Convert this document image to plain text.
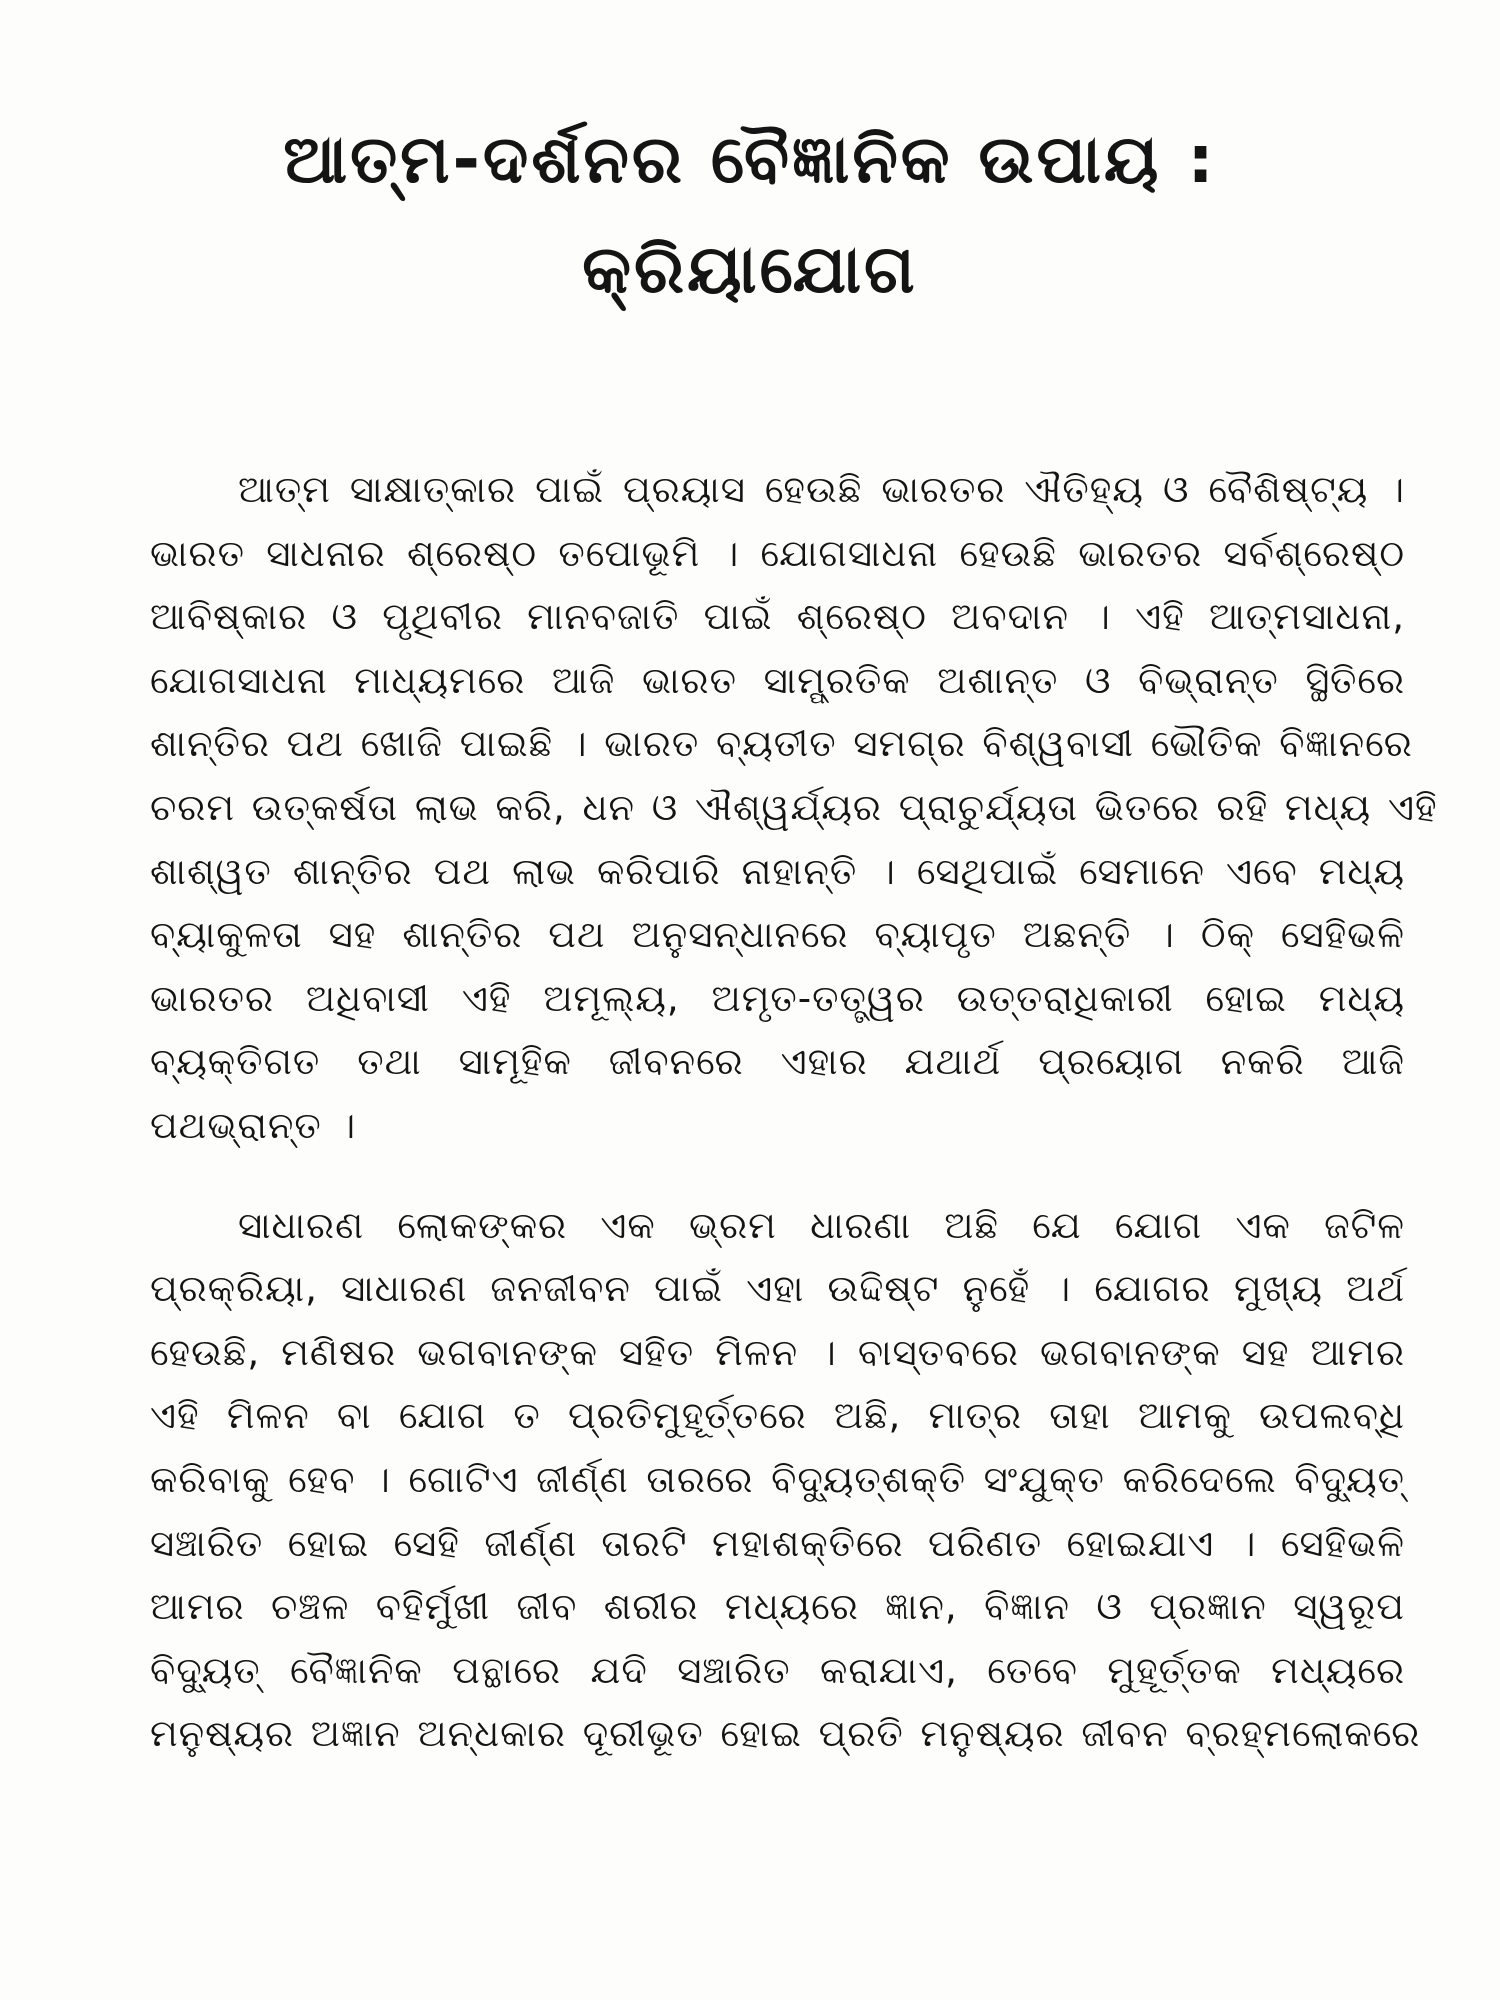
ଆତ୍ମ-ଦର୍ଶନର ବୈଜ୍ଞାନିକ ଉପାୟ :
କ୍ରିୟାଯୋଗ
ଆତ୍ମ ସାକ୍ଷାତ୍‌କାର ପାଇଁ ପ୍ରୟାସ ହେଉଛି ଭାରତର ଐତିହ୍ୟ ଓ ବୈଶିଷ୍ଟ୍ୟ ।
ଭାରତ ସାଧନାର ଶ୍ରେଷ୍ଠ ତପୋଭୂମି । ଯୋଗସାଧନା ହେଉଛି ଭାରତର ସର୍ବଶ୍ରେଷ୍ଠ
ଆବିଷ୍କାର ଓ ପୃଥିବୀର ମାନବଜାତି ପାଇଁ ଶ୍ରେଷ୍ଠ ଅବଦାନ । ଏହି ଆତ୍ମସାଧନା,
ଯୋଗସାଧନା ମାଧ୍ୟମରେ ଆଜି ଭାରତ ସାମ୍ପ୍ରତିକ ଅଶାନ୍ତ ଓ ବିଭ୍ରାନ୍ତ ସ୍ଥିତିରେ
ଶାନ୍ତିର ପଥ ଖୋଜି ପାଇଛି । ଭାରତ ବ୍ୟତୀତ ସମଗ୍ର ବିଶ୍ୱବାସୀ ଭୌତିକ ବିଜ୍ଞାନରେ
ଚରମ ଉତ୍କର୍ଷତା ଲାଭ କରି, ଧନ ଓ ଐଶ୍ୱର୍ଯ୍ୟର ପ୍ରାଚୁର୍ଯ୍ୟତା ଭିତରେ ରହି ମଧ୍ୟ ଏହି
ଶାଶ୍ୱତ ଶାନ୍ତିର ପଥ ଲାଭ କରିପାରି ନାହାନ୍ତି । ସେଥିପାଇଁ ସେମାନେ ଏବେ ମଧ୍ୟ
ବ୍ୟାକୁଳତା ସହ ଶାନ୍ତିର ପଥ ଅନୁସନ୍ଧାନରେ ବ୍ୟାପୃତ ଅଛନ୍ତି । ଠିକ୍ ସେହିଭଳି
ଭାରତର ଅଧିବାସୀ ଏହି ଅମୂଲ୍ୟ, ଅମୃତ-ତତ୍ତ୍ୱର ଉତ୍ତରାଧିକାରୀ ହୋଇ ମଧ୍ୟ
ବ୍ୟକ୍ତିଗତ ତଥା ସାମୂହିକ ଜୀବନରେ ଏହାର ଯଥାର୍ଥ ପ୍ରୟୋଗ ନକରି ଆଜି
ପଥଭ୍ରାନ୍ତ ।
ସାଧାରଣ ଲୋକଙ୍କର ଏକ ଭ୍ରମ ଧାରଣା ଅଛି ଯେ ଯୋଗ ଏକ ଜଟିଳ
ପ୍ରକ୍ରିୟା, ସାଧାରଣ ଜନଜୀବନ ପାଇଁ ଏହା ଉଦ୍ଦିଷ୍ଟ ନୁହେଁ । ଯୋଗର ମୁଖ୍ୟ ଅର୍ଥ
ହେଉଛି, ମଣିଷର ଭଗବାନଙ୍କ ସହିତ ମିଳନ । ବାସ୍ତବରେ ଭଗବାନଙ୍କ ସହ ଆମର
ଏହି ମିଳନ ବା ଯୋଗ ତ ପ୍ରତିମୁହୂର୍ତ୍ତରେ ଅଛି, ମାତ୍ର ତାହା ଆମକୁ ଉପଲବ୍ଧି
କରିବାକୁ ହେବ । ଗୋଟିଏ ଜୀର୍ଣ୍ଣ ତାରରେ ବିଦ୍ୟୁତ୍‌ଶକ୍ତି ସଂଯୁକ୍ତ କରିଦେଲେ ବିଦ୍ୟୁତ୍
ସଞ୍ଚାରିତ ହୋଇ ସେହି ଜୀର୍ଣ୍ଣ ତାରଟି ମହାଶକ୍ତିରେ ପରିଣତ ହୋଇଯାଏ । ସେହିଭଳି
ଆମର ଚଞ୍ଚଳ ବହିର୍ମୁଖୀ ଜୀବ ଶରୀର ମଧ୍ୟରେ ଜ୍ଞାନ, ବିଜ୍ଞାନ ଓ ପ୍ରଜ୍ଞାନ ସ୍ୱରୂପ
ବିଦ୍ୟୁତ୍ ବୈଜ୍ଞାନିକ ପନ୍ଥାରେ ଯଦି ସଞ୍ଚାରିତ କରାଯାଏ, ତେବେ ମୁହୂର୍ତ୍ତକ ମଧ୍ୟରେ
ମନୁଷ୍ୟର ଅଜ୍ଞାନ ଅନ୍ଧକାର ଦୂରୀଭୂତ ହୋଇ ପ୍ରତି ମନୁଷ୍ୟର ଜୀବନ ବ୍ରହ୍ମଲୋକରେ
